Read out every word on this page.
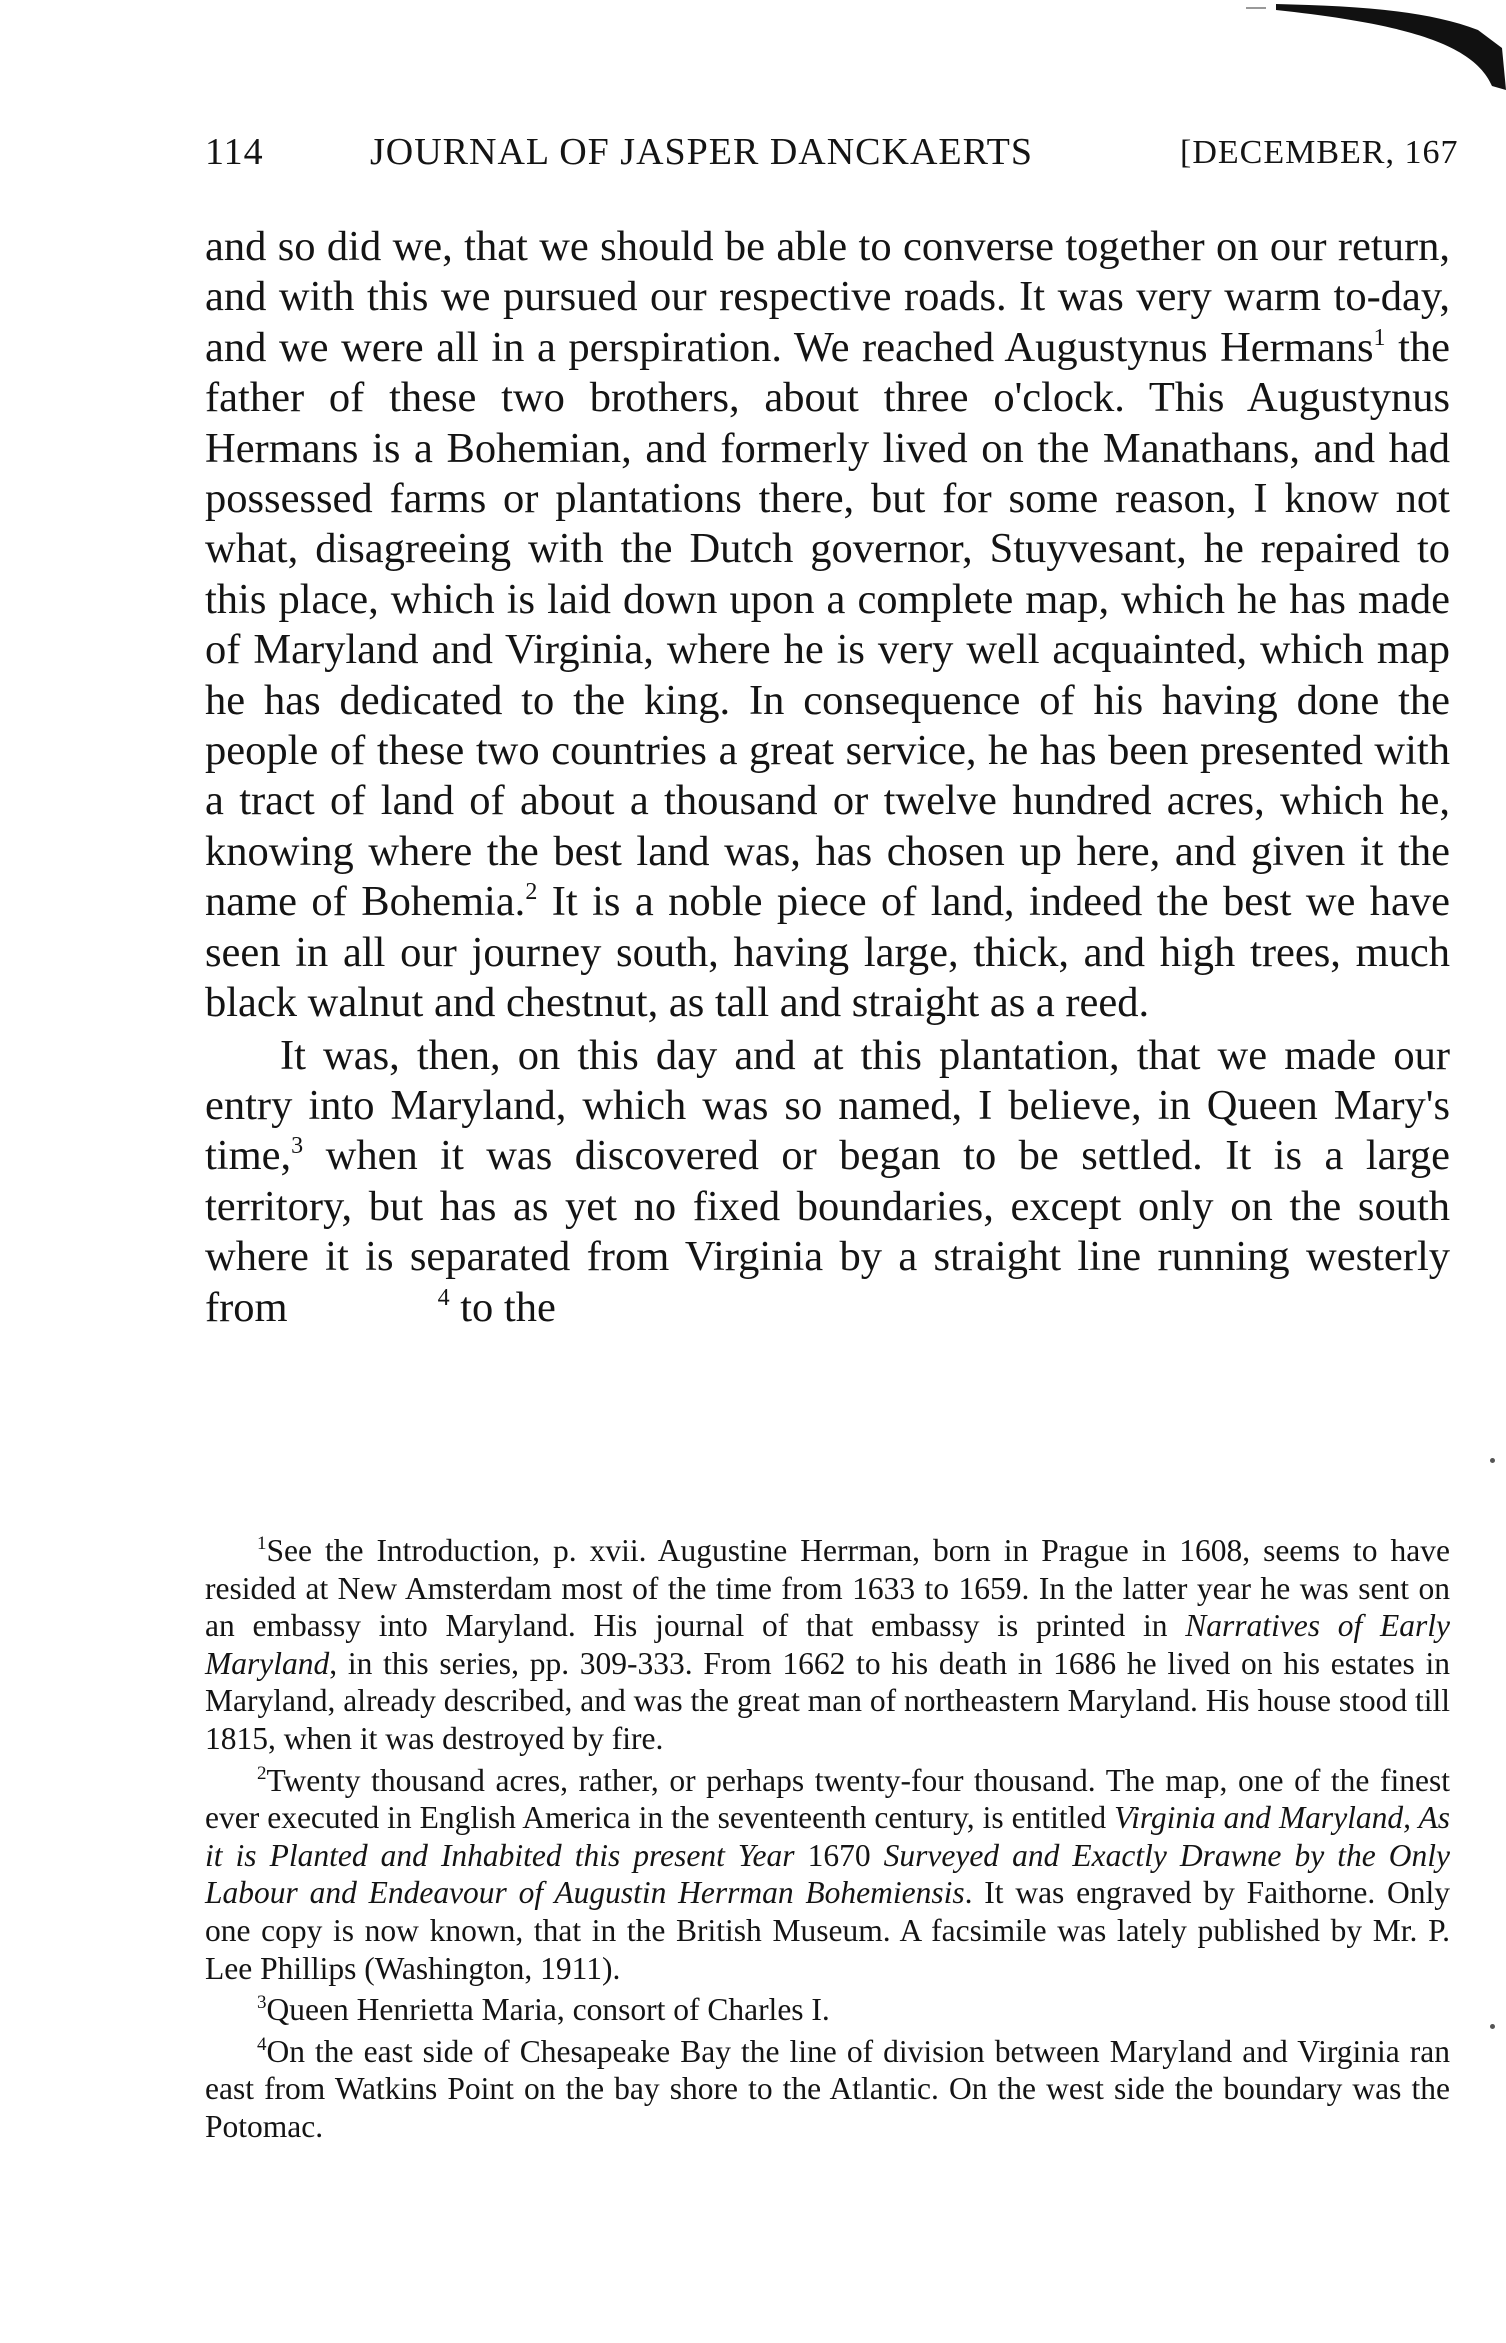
114	JOURNAL OF JASPER DANCKAERTS	[DECEMBER, 167

and so did we, that we should be able to converse together on our return, and with this we pursued our respective roads. It was very warm to-day, and we were all in a perspiration. We reached Augustynus Hermans$^1$ the father of these two brothers, about three o'clock. This Augustynus Hermans is a Bohemian, and formerly lived on the Manathans, and had possessed farms or plantations there, but for some reason, I know not what, disagreeing with the Dutch governor, Stuyvesant, he repaired to this place, which is laid down upon a complete map, which he has made of Maryland and Virginia, where he is very well acquainted, which map he has dedicated to the king. In consequence of his having done the people of these two countries a great service, he has been presented with a tract of land of about a thousand or twelve hundred acres, which he, knowing where the best land was, has chosen up here, and given it the name of Bohemia.$^2$ It is a noble piece of land, indeed the best we have seen in all our journey south, having large, thick, and high trees, much black walnut and chestnut, as tall and straight as a reed.

It was, then, on this day and at this plantation, that we made our entry into Maryland, which was so named, I believe, in Queen Mary's time,$^3$ when it was discovered or began to be settled. It is a large territory, but has as yet no fixed boundaries, except only on the south where it is separated from Virginia by a straight line running westerly from	$^4$ to the

$^1$See the Introduction, p. xvii. Augustine Herrman, born in Prague in 1608, seems to have resided at New Amsterdam most of the time from 1633 to 1659. In the latter year he was sent on an embassy into Maryland. His journal of that embassy is printed in Narratives of Early Maryland, in this series, pp. 309-333. From 1662 to his death in 1686 he lived on his estates in Maryland, already described, and was the great man of northeastern Maryland. His house stood till 1815, when it was destroyed by fire.

$^2$Twenty thousand acres, rather, or perhaps twenty-four thousand. The map, one of the finest ever executed in English America in the seventeenth century, is entitled Virginia and Maryland, As it is Planted and Inhabited this present Year 1670 Surveyed and Exactly Drawne by the Only Labour and Endeavour of Augustin Herrman Bohemiensis. It was engraved by Faithorne. Only one copy is now known, that in the British Museum. A facsimile was lately published by Mr. P. Lee Phillips (Washington, 1911).

$^3$Queen Henrietta Maria, consort of Charles I.

$^4$On the east side of Chesapeake Bay the line of division between Maryland and Virginia ran east from Watkins Point on the bay shore to the Atlantic. On the west side the boundary was the Potomac.
